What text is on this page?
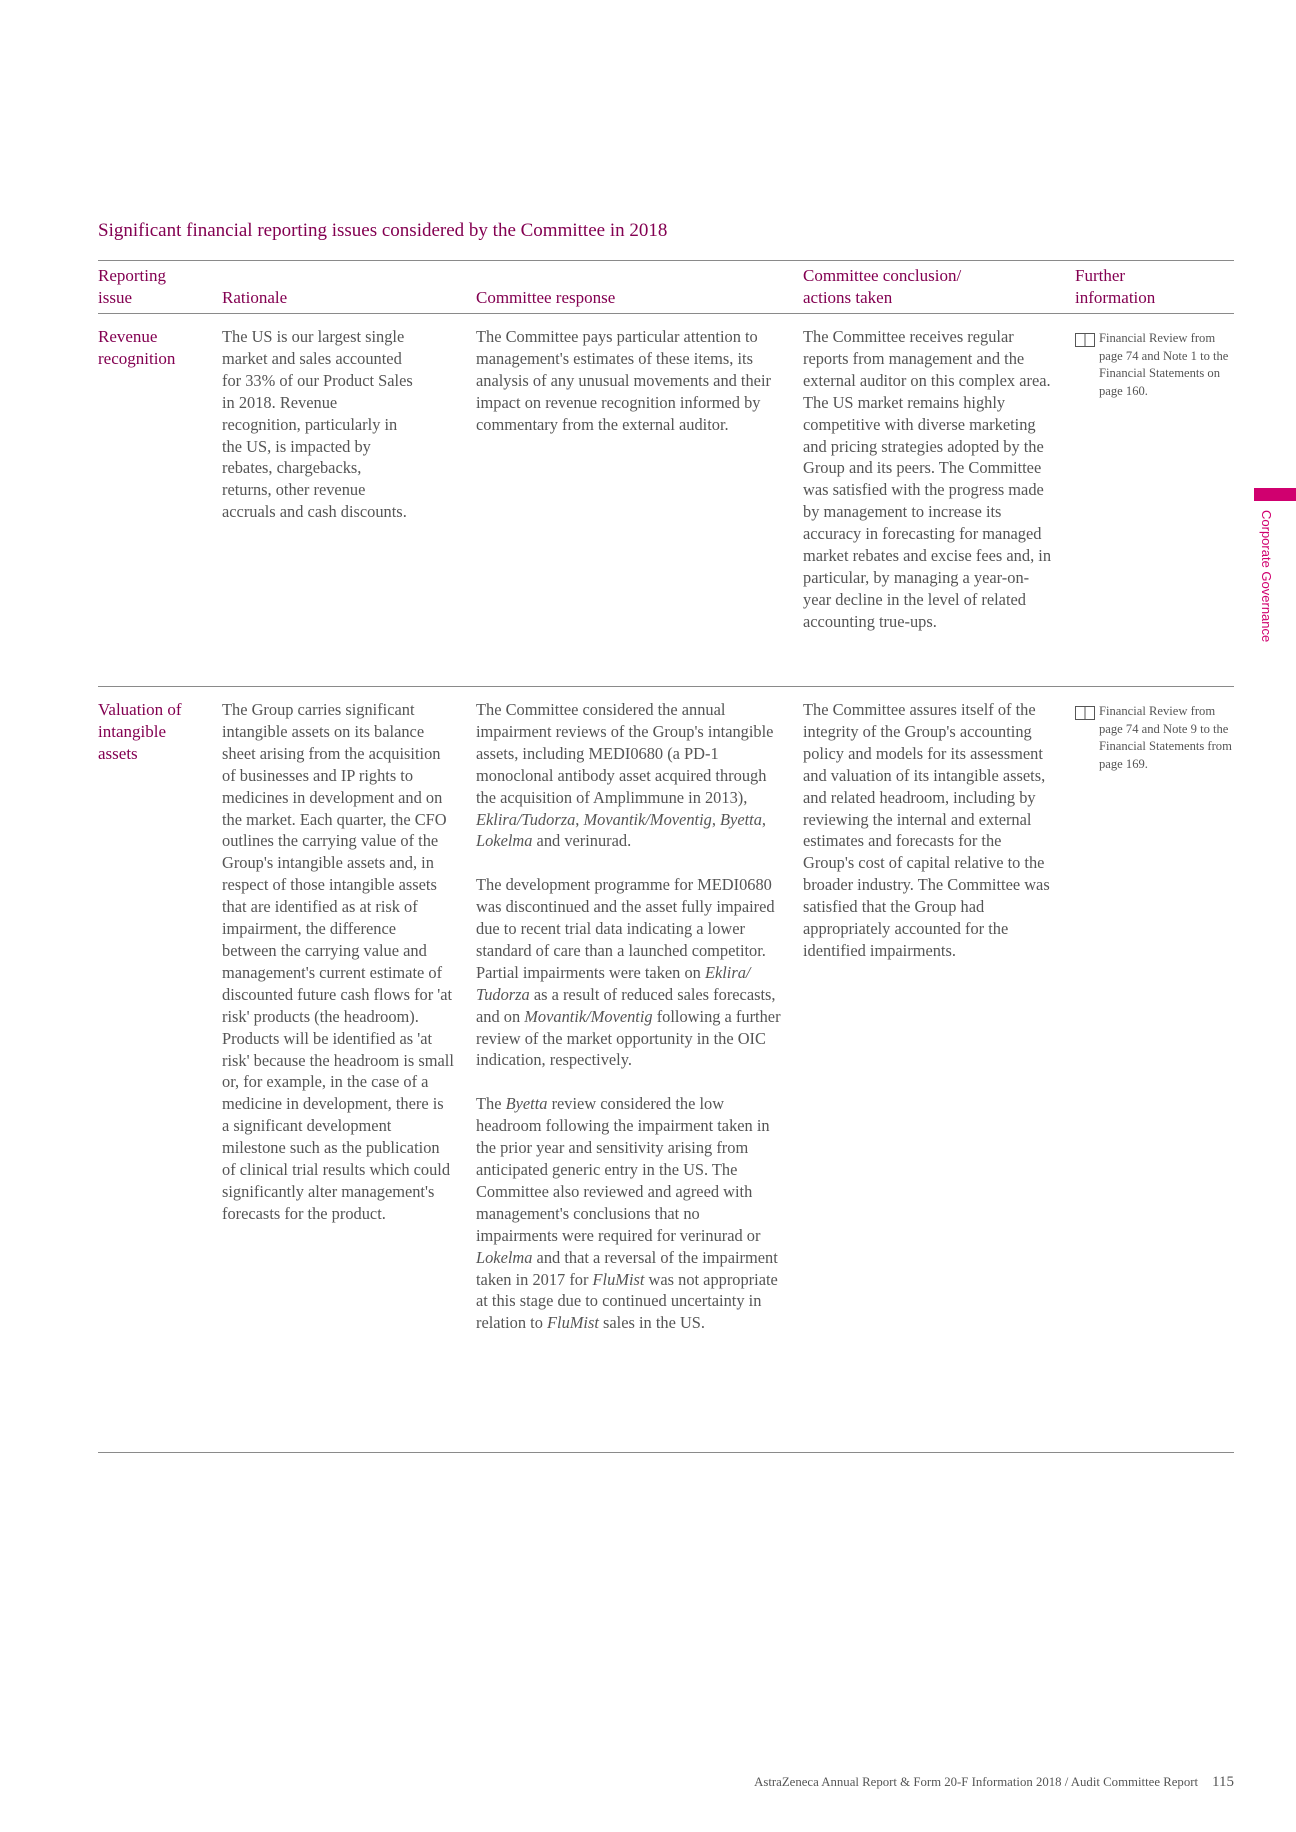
Significant financial reporting issues considered by the Committee in 2018
Reporting
issue	Rationale	Committee response
Committee conclusion/
actions taken
Further
information
Revenue
recognition
The US is our largest single market and sales accounted for 33% of our Product Sales in 2018. Revenue recognition, particularly in the US, is impacted by rebates, chargebacks, returns, other revenue accruals and cash discounts.
The Committee pays particular attention to management's estimates of these items, its analysis of any unusual movements and their impact on revenue recognition informed by commentary from the external auditor.
The Committee receives regular reports from management and the external auditor on this complex area. The US market remains highly competitive with diverse marketing and pricing strategies adopted by the Group and its peers. The Committee was satisfied with the progress made by management to increase its accuracy in forecasting for managed market rebates and excise fees and, in particular, by managing a year-on-year decline in the level of related accounting true-ups.
Financial Review from page 74 and Note 1 to the Financial Statements on page 160.
Valuation of
intangible
assets
The Group carries significant intangible assets on its balance sheet arising from the acquisition of businesses and IP rights to medicines in development and on the market. Each quarter, the CFO outlines the carrying value of the Group's intangible assets and, in respect of those intangible assets that are identified as at risk of impairment, the difference between the carrying value and management's current estimate of discounted future cash flows for 'at risk' products (the headroom). Products will be identified as 'at risk' because the headroom is small or, for example, in the case of a medicine in development, there is a significant development milestone such as the publication of clinical trial results which could significantly alter management's forecasts for the product.

The Committee considered the annual impairment reviews of the Group's intangible assets, including MEDI0680 (a PD-1 monoclonal antibody asset acquired through the acquisition of Amplimmune in 2013), Eklira/Tudorza, Movantik/Moventig, Byetta, Lokelma and verinurad.

The development programme for MEDI0680 was discontinued and the asset fully impaired due to recent trial data indicating a lower standard of care than a launched competitor. Partial impairments were taken on Eklira/ Tudorza as a result of reduced sales forecasts, and on Movantik/Moventig following a further review of the market opportunity in the OIC indication, respectively.

The Byetta review considered the low headroom following the impairment taken in the prior year and sensitivity arising from anticipated generic entry in the US. The Committee also reviewed and agreed with management's conclusions that no impairments were required for verinurad or Lokelma and that a reversal of the impairment taken in 2017 for FluMist was not appropriate at this stage due to continued uncertainty in relation to FluMist sales in the US.

The Committee assures itself of the integrity of the Group's accounting policy and models for its assessment and valuation of its intangible assets, and related headroom, including by reviewing the internal and external estimates and forecasts for the Group's cost of capital relative to the broader industry. The Committee was satisfied that the Group had appropriately accounted for the identified impairments.
Financial Review from page 74 and Note 9 to the Financial Statements from page 169.
Corporate Governance
AstraZeneca Annual Report & Form 20-F Information 2018 / Audit Committee Report 115
